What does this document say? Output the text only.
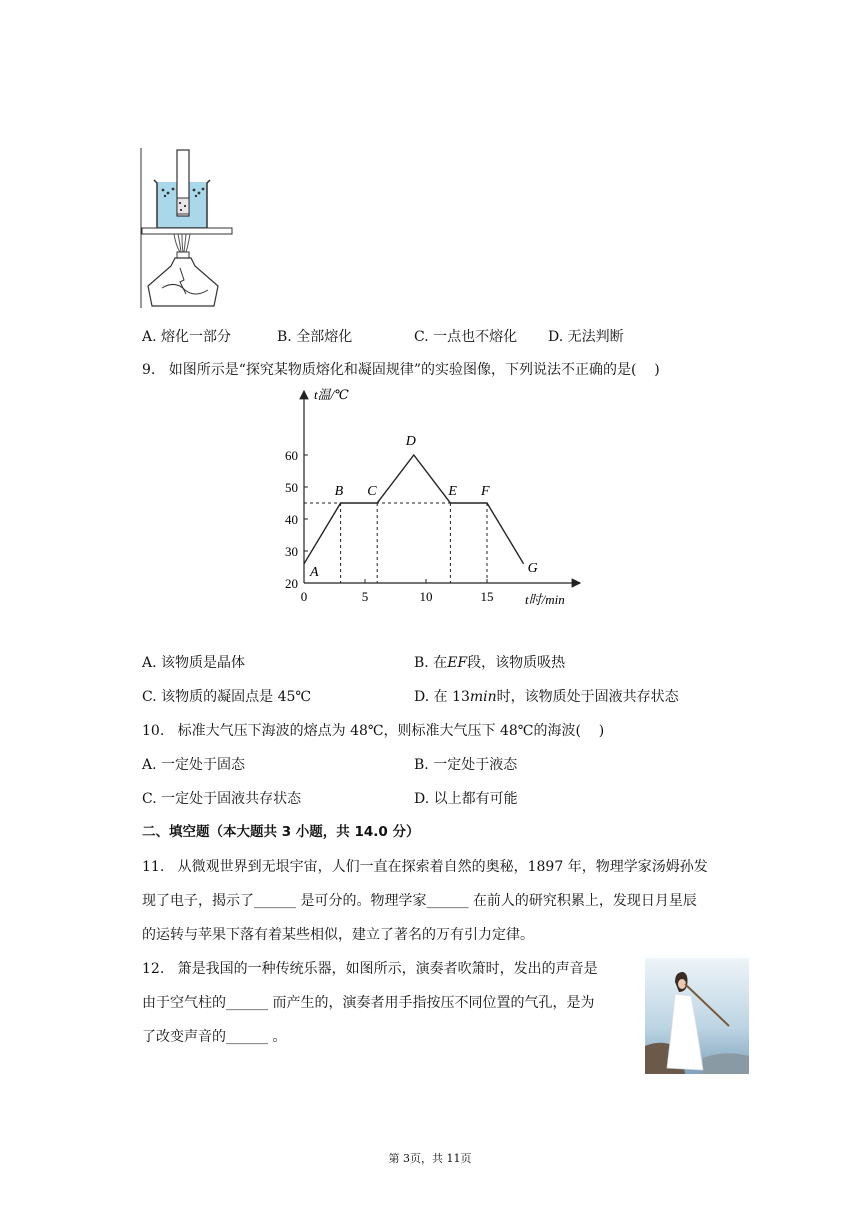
A. 熔化一部分	B. 全部熔化	C. 一点也不熔化 D. 无法判断
9.   如图所示是“探究某物质熔化和凝固规律”的实验图像，下列说法不正确的是(    )
t温/℃
t时/min
20
30
40
50
60
0	5	10	15
A
B C
D
E F
G
A. 该物质是晶体	B. 在EF段，该物质吸热
C. 该物质的凝固点是 45℃	D. 在 13min时，该物质处于固液共存状态
10.   标准大气压下海波的熔点为 48℃，则标准大气压下 48℃的海波(    )
A. 一定处于固态	B. 一定处于液态
C. 一定处于固液共存状态	D. 以上都有可能
二、填空题（本大题共 3 小题，共 14.0 分）
11.   从微观世界到无垠宇宙，人们一直在探索着自然的奥秘，1897 年，物理学家汤姆孙发
现了电子，揭示了______ 是可分的。物理学家______ 在前人的研究积累上，发现日月星辰
的运转与苹果下落有着某些相似，建立了著名的万有引力定律。
12.   箫是我国的一种传统乐器，如图所示，演奏者吹箫时，发出的声音是
由于空气柱的______ 而产生的，演奏者用手指按压不同位置的气孔，是为
了改变声音的______ 。
第 3页，共 11页
